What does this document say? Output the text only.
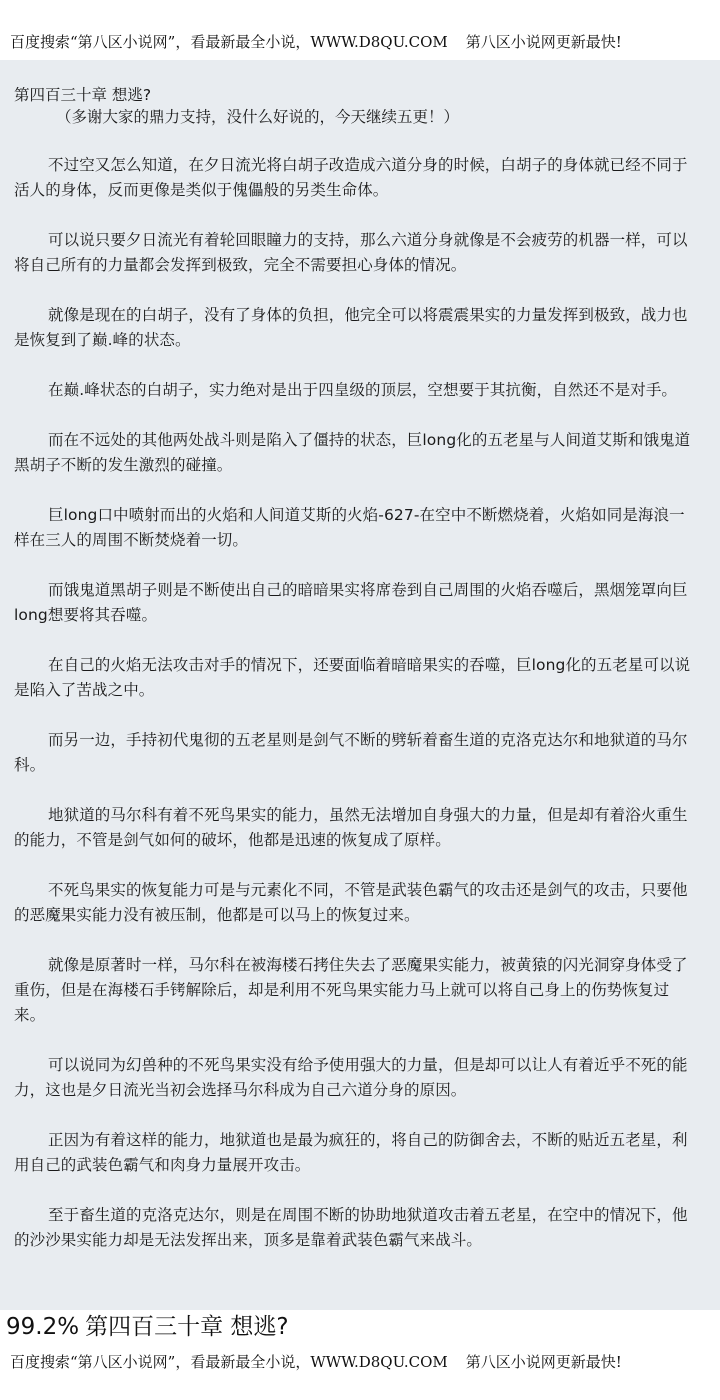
百度搜索“第八区小说网”，看最新最全小说，WWW.D8QU.COM 第八区小说网更新最快!
第四百三十章 想逃?
（多谢大家的鼎力支持，没什么好说的，今天继续五更！）

不过空又怎么知道，在夕日流光将白胡子改造成六道分身的时候，白胡子的身体就已经不同于活人的身体，反而更像是类似于傀儡般的另类生命体。

可以说只要夕日流光有着轮回眼瞳力的支持，那么六道分身就像是不会疲劳的机器一样，可以将自己所有的力量都会发挥到极致，完全不需要担心身体的情况。

就像是现在的白胡子，没有了身体的负担，他完全可以将震震果实的力量发挥到极致，战力也是恢复到了巅.峰的状态。

在巅.峰状态的白胡子，实力绝对是出于四皇级的顶层，空想要于其抗衡，自然还不是对手。

而在不远处的其他两处战斗则是陷入了僵持的状态，巨long化的五老星与人间道艾斯和饿鬼道黑胡子不断的发生激烈的碰撞。

巨long口中喷射而出的火焰和人间道艾斯的火焰-627-在空中不断燃烧着，火焰如同是海浪一样在三人的周围不断焚烧着一切。

而饿鬼道黑胡子则是不断使出自己的暗暗果实将席卷到自己周围的火焰吞噬后，黑烟笼罩向巨long想要将其吞噬。

在自己的火焰无法攻击对手的情况下，还要面临着暗暗果实的吞噬，巨long化的五老星可以说是陷入了苦战之中。

而另一边，手持初代鬼彻的五老星则是剑气不断的劈斩着畜生道的克洛克达尔和地狱道的马尔科。

地狱道的马尔科有着不死鸟果实的能力，虽然无法增加自身强大的力量，但是却有着浴火重生的能力，不管是剑气如何的破坏，他都是迅速的恢复成了原样。

不死鸟果实的恢复能力可是与元素化不同，不管是武装色霸气的攻击还是剑气的攻击，只要他的恶魔果实能力没有被压制，他都是可以马上的恢复过来。

就像是原著时一样，马尔科在被海楼石拷住失去了恶魔果实能力，被黄猿的闪光洞穿身体受了重伤，但是在海楼石手铐解除后，却是利用不死鸟果实能力马上就可以将自己身上的伤势恢复过来。

可以说同为幻兽种的不死鸟果实没有给予使用强大的力量，但是却可以让人有着近乎不死的能力，这也是夕日流光当初会选择马尔科成为自己六道分身的原因。

正因为有着这样的能力，地狱道也是最为疯狂的，将自己的防御舍去，不断的贴近五老星，利用自己的武装色霸气和肉身力量展开攻击。

至于畜生道的克洛克达尔，则是在周围不断的协助地狱道攻击着五老星，在空中的情况下，他的沙沙果实能力却是无法发挥出来，顶多是靠着武装色霸气来战斗。

99.2% 第四百三十章 想逃?
百度搜索“第八区小说网”，看最新最全小说，WWW.D8QU.COM 第八区小说网更新最快!
